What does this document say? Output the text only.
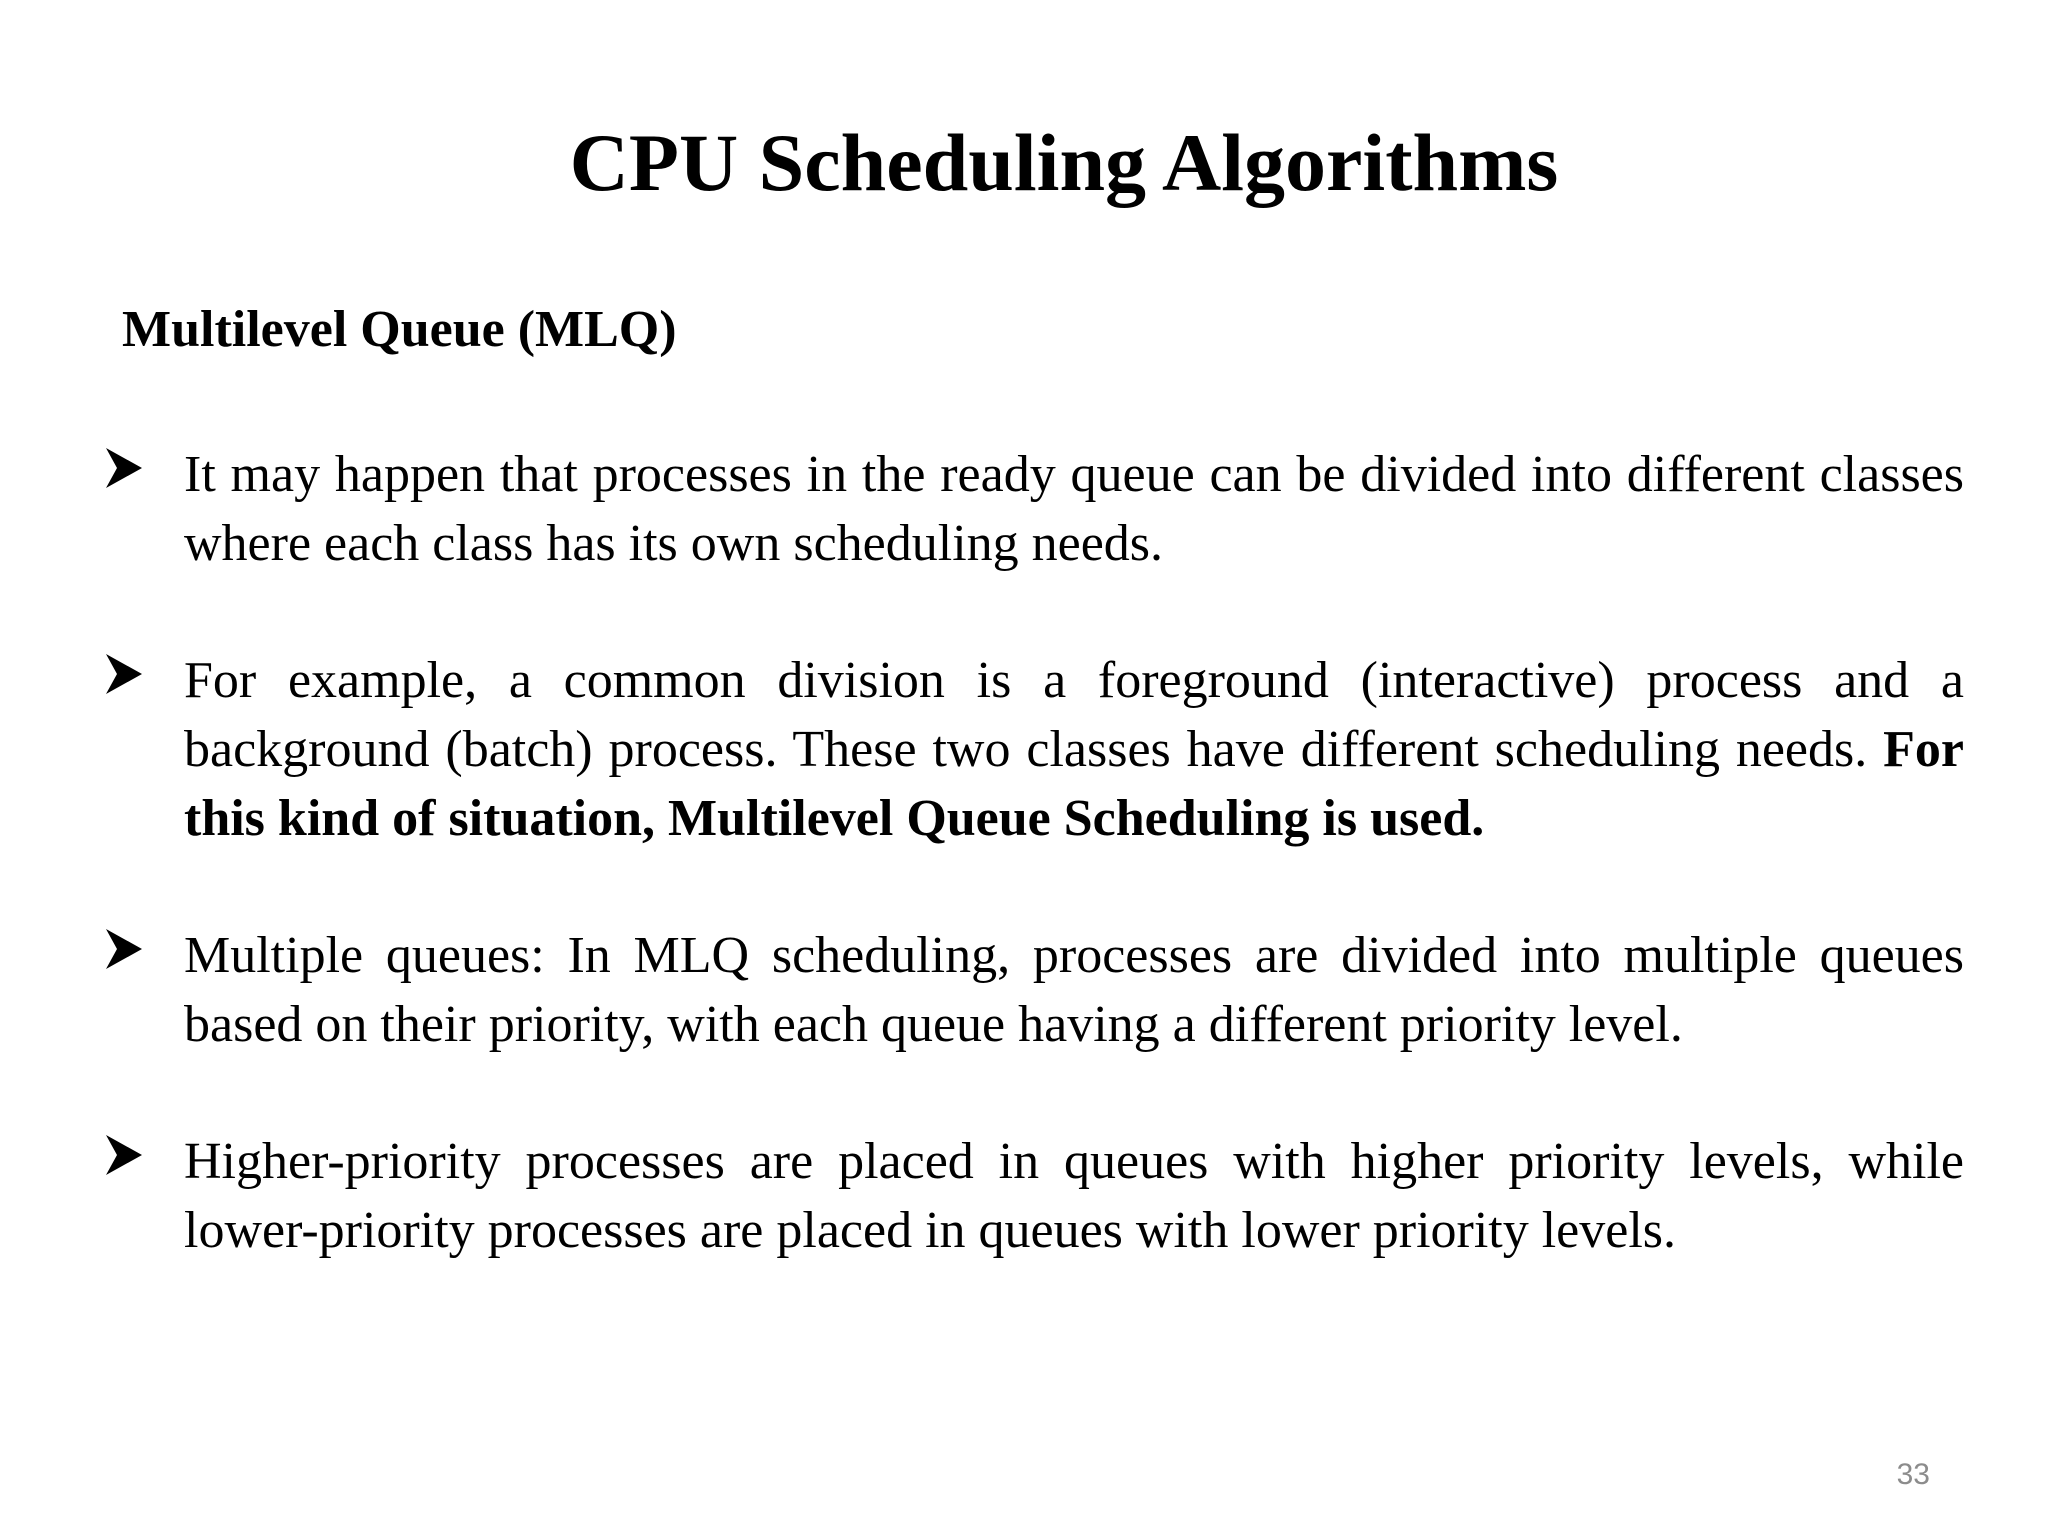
CPU Scheduling Algorithms
Multilevel Queue (MLQ)
It may happen that processes in the ready queue can be divided into different classes where each class has its own scheduling needs.
For example, a common division is a foreground (interactive) process and a background (batch) process. These two classes have different scheduling needs. For this kind of situation, Multilevel Queue Scheduling is used.
Multiple queues: In MLQ scheduling, processes are divided into multiple queues based on their priority, with each queue having a different priority level.
Higher-priority processes are placed in queues with higher priority levels, while lower-priority processes are placed in queues with lower priority levels.
33
